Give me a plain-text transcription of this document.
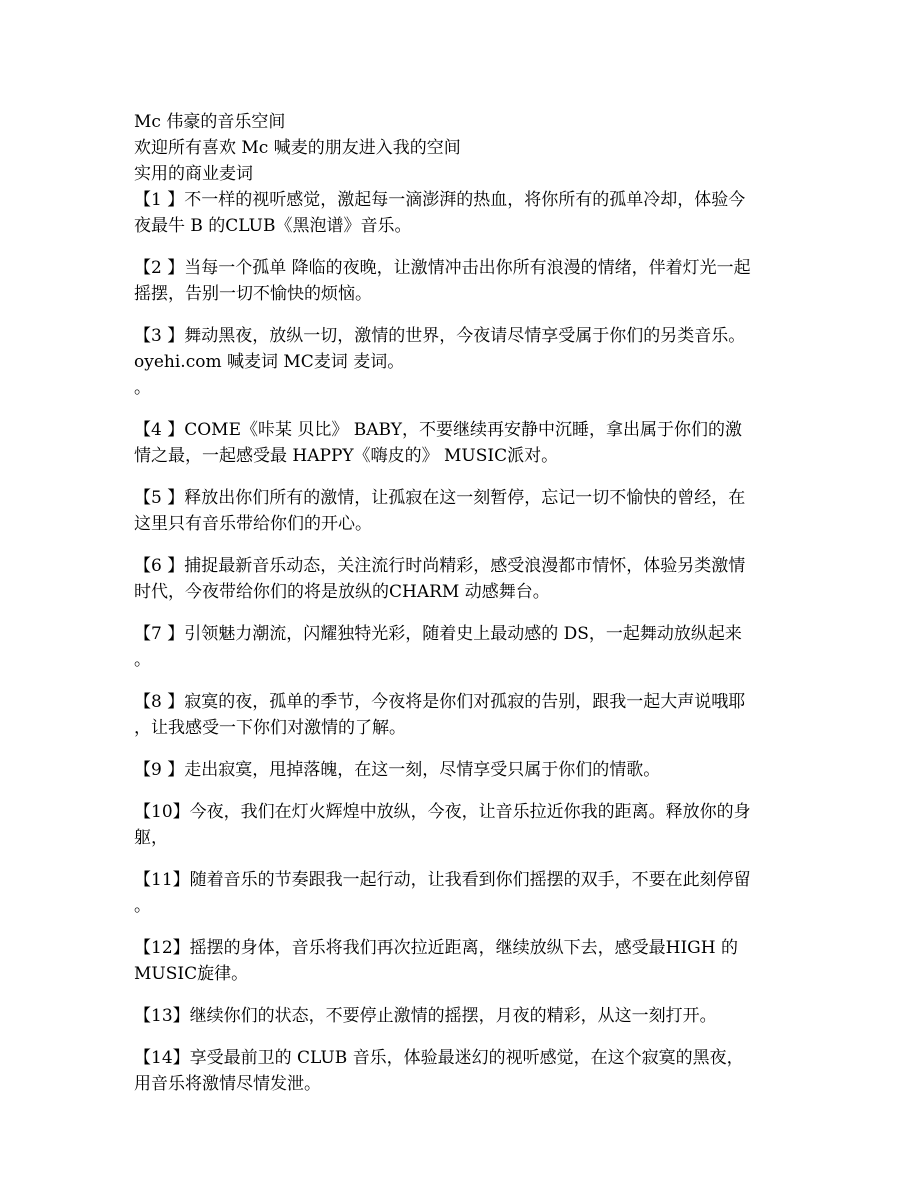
Mc 伟豪的音乐空间

欢迎所有喜欢 Mc 喊麦的朋友进入我的空间

实用的商业麦词

【1 】不一样的视听感觉，激起每一滴澎湃的热血，将你所有的孤单冷却，体验今
夜最牛 B 的CLUB《黑泡谱》音乐。

【2 】当每一个孤单 降临的夜晚，让激情冲击出你所有浪漫的情绪，伴着灯光一起
摇摆，告别一切不愉快的烦恼。

【3 】舞动黑夜，放纵一切，激情的世界，今夜请尽情享受属于你们的另类音乐。
oyehi.com 喊麦词 MC麦词 麦词。
。

【4 】COME《咔某 贝比》 BABY，不要继续再安静中沉睡，拿出属于你们的激
情之最，一起感受最 HAPPY《嗨皮的》 MUSIC派对。

【5 】释放出你们所有的激情，让孤寂在这一刻暂停，忘记一切不愉快的曾经，在
这里只有音乐带给你们的开心。

【6 】捕捉最新音乐动态，关注流行时尚精彩，感受浪漫都市情怀，体验另类激情
时代，今夜带给你们的将是放纵的CHARM 动感舞台。

【7 】引领魅力潮流，闪耀独特光彩，随着史上最动感的 DS，一起舞动放纵起来
。

【8 】寂寞的夜，孤单的季节，今夜将是你们对孤寂的告别，跟我一起大声说哦耶
，让我感受一下你们对激情的了解。

【9 】走出寂寞，甩掉落魄，在这一刻，尽情享受只属于你们的情歌。

【10】今夜，我们在灯火辉煌中放纵，今夜，让音乐拉近你我的距离。释放你的身
躯，

【11】随着音乐的节奏跟我一起行动，让我看到你们摇摆的双手，不要在此刻停留
。

【12】摇摆的身体，音乐将我们再次拉近距离，继续放纵下去，感受最HIGH 的
MUSIC旋律。

【13】继续你们的状态，不要停止激情的摇摆，月夜的精彩，从这一刻打开。

【14】享受最前卫的 CLUB 音乐，体验最迷幻的视听感觉，在这个寂寞的黑夜，
用音乐将激情尽情发泄。
